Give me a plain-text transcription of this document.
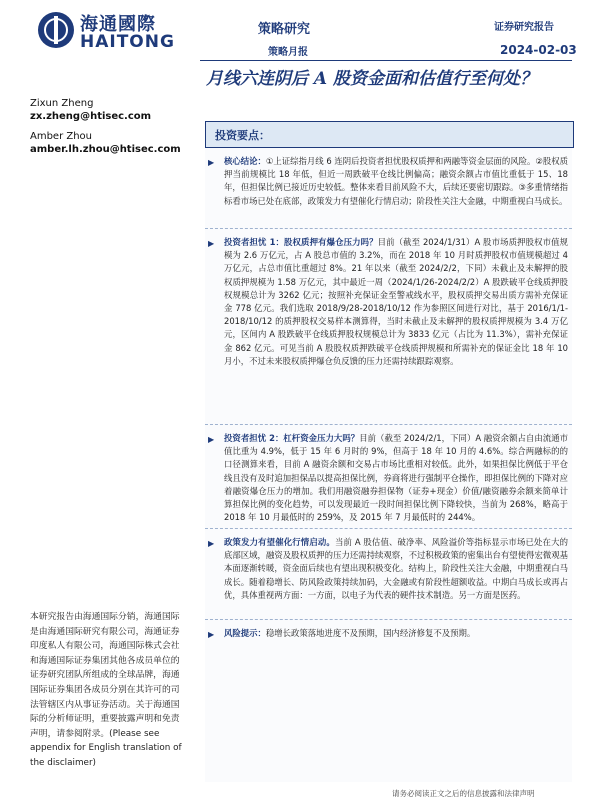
海通國際
HAITONG
策略研究
策略月报
证券研究报告
2024-02-03
月线六连阴后 A 股资金面和估值行至何处？
Zixun Zheng
zx.zheng@htisec.com
Amber Zhou
amber.lh.zhou@htisec.com
投资要点：
▶	核心结论：①上证综指月线 6 连阴后投资者担忧股权质押和两融等资金层面的风险。②股权质押当前规模比 18 年低，但近一周跌破平仓线比例偏高；融资余额占市值比重低于 15、18 年，但担保比例已接近历史较低。整体来看目前风险不大，后续还要密切跟踪。③多重情绪指标看市场已处在底部，政策发力有望催化行情启动；阶段性关注大金融，中期重视白马成长。
▶	投资者担忧 1：股权质押有爆仓压力吗？目前（截至 2024/1/31）A 股市场质押股权市值规模为 2.6 万亿元，占 A 股总市值的 3.2%，而在 2018 年 10 月时质押股权市值规模超过 4 万亿元，占总市值比重超过 8%。21 年以来（截至 2024/2/2，下同）未截止及未解押的股权质押规模为 1.58 万亿元，其中最近一周（2024/1/26-2024/2/2）A 股跌破平仓线质押股权规模总计为 3262 亿元；按照补充保证金至警戒线水平，股权质押交易出质方需补充保证金 778 亿元。我们选取 2018/9/28-2018/10/12 作为参照区间进行对比，基于 2016/1/1-2018/10/12 的质押股权交易样本测算得，当时未截止及未解押的股权质押规模为 3.4 万亿元，区间内 A 股跌破平仓线质押股权规模总计为 3833 亿元（占比为 11.3%），需补充保证金 862 亿元。可见当前 A 股股权质押跌破平仓线质押规模和所需补充的保证金比 18 年 10 月小，不过未来股权质押爆仓负反馈的压力还需持续跟踪观察。
▶	投资者担忧 2：杠杆资金压力大吗？目前（截至 2024/2/1，下同）A 融资余额占自由流通市值比重为 4.9%，低于 15 年 6 月时的 9%，但高于 18 年 10 月的 4.6%。综合两融标的的口径测算来看，目前 A 融资余额和交易占市场比重相对较低。此外，如果担保比例低于平仓线且没有及时追加担保品以提高担保比例，券商将进行强制平仓操作，即担保比例的下降对应着融资爆仓压力的增加。我们用融资融券担保物（证券+现金）价值/融资融券余额来简单计算担保比例的变化趋势，可以发现最近一段时间担保比例下降较快，当前为 268%，略高于 2018 年 10 月最低时的 259%，及 2015 年 7 月最低时的 244%。
▶	政策发力有望催化行情启动。当前 A 股估值、破净率、风险溢价等指标显示市场已处在大的底部区域，融资及股权质押的压力还需持续观察，不过积极政策的密集出台有望使得宏微观基本面逐渐转暖，资金面后续也有望出现积极变化。结构上，阶段性关注大金融，中期重视白马成长。随着稳增长、防风险政策持续加码，大金融或有阶段性超额收益。中期白马成长或再占优，具体重视两方面：一方面，以电子为代表的硬件技术制造。另一方面是医药。
▶	风险提示：稳增长政策落地进度不及预期，国内经济修复不及预期。
本研究报告由海通国际分销，海通国际是由海通国际研究有限公司，海通证券印度私人有限公司，海通国际株式会社和海通国际证券集团其他各成员单位的证券研究团队所组成的全球品牌，海通国际证券集团各成员分别在其许可的司法管辖区内从事证券活动。关于海通国际的分析师证明，重要披露声明和免责声明，请参阅附录。(Please see appendix for English translation of the disclaimer)
请务必阅读正文之后的信息披露和法律声明
